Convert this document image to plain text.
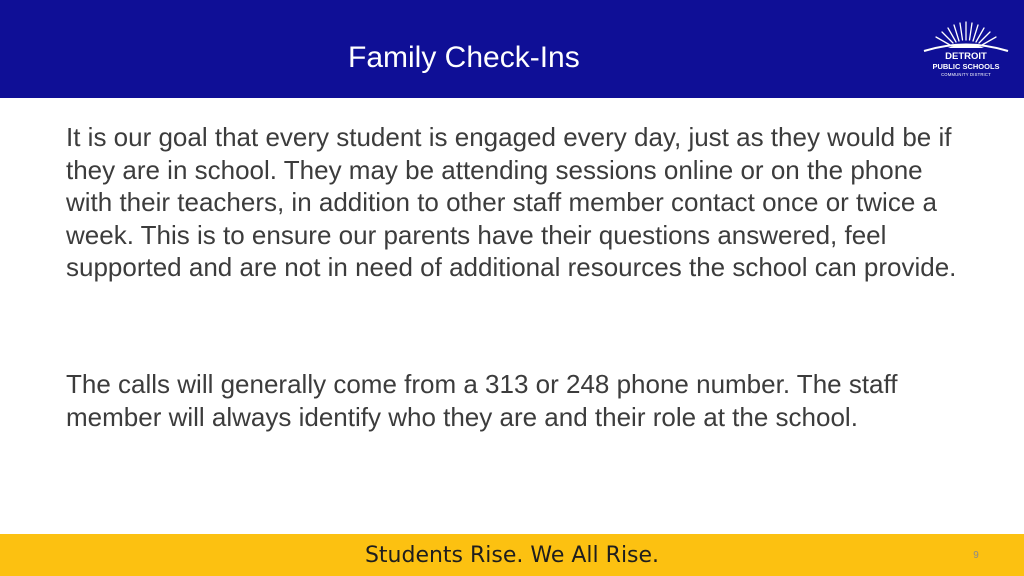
Family Check-Ins	DETROIT
PUBLIC SCHOOLS
COMMUNITY DISTRICT

It is our goal that every student is engaged every day, just as they would be if they are in school. They may be attending sessions online or on the phone with their teachers, in addition to other staff member contact once or twice a week. This is to ensure our parents have their questions answered, feel supported and are not in need of additional resources the school can provide.

The calls will generally come from a 313 or 248 phone number. The staff member will always identify who they are and their role at the school.

Students Rise. We All Rise.	9
